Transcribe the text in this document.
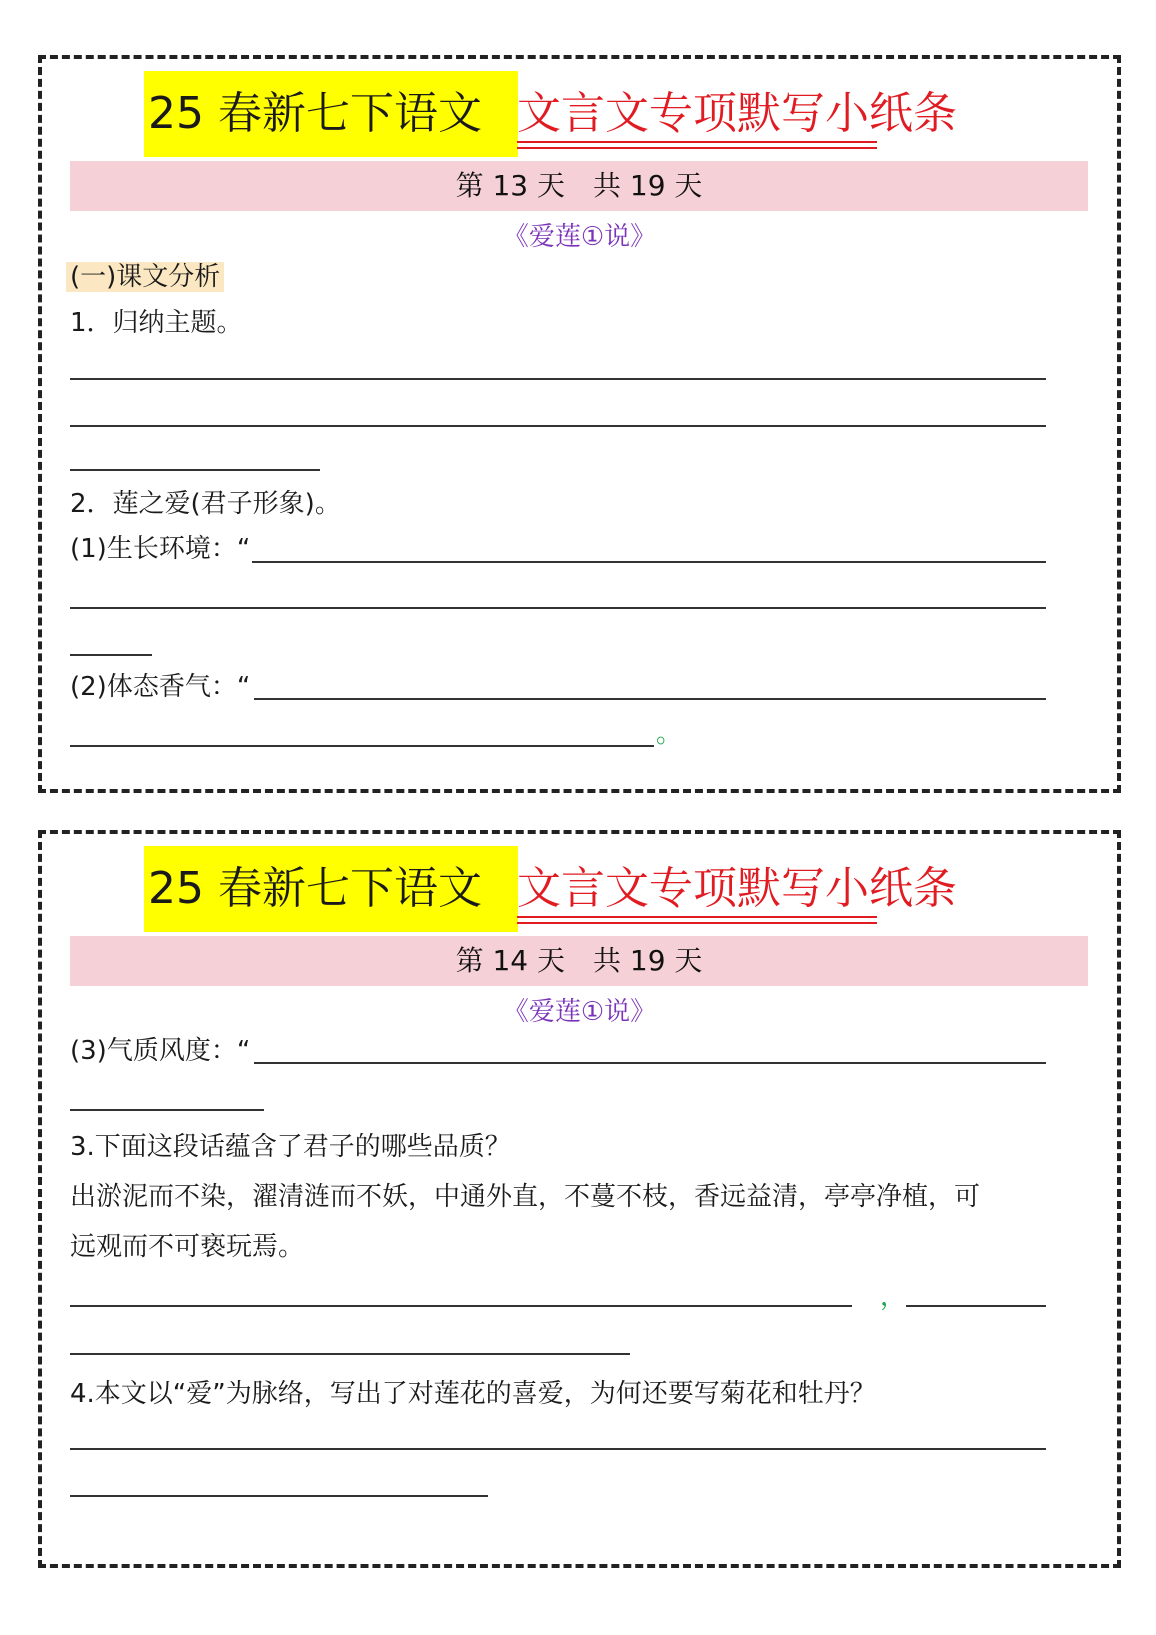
25 春新七下语文 文言文专项默写小纸条
第 13 天　共 19 天
《爱莲①说》
(一)课文分析
1．归纳主题。
2．莲之爱(君子形象)。
(1)生长环境：“
(2)体态香气：“
。
25 春新七下语文 文言文专项默写小纸条
第 14 天　共 19 天
《爱莲①说》
(3)气质风度：“
3.下面这段话蕴含了君子的哪些品质？
出淤泥而不染，濯清涟而不妖，中通外直，不蔓不枝，香远益清，亭亭净植，可
远观而不可亵玩焉。
，
4.本文以“爱”为脉络，写出了对莲花的喜爱，为何还要写菊花和牡丹？
